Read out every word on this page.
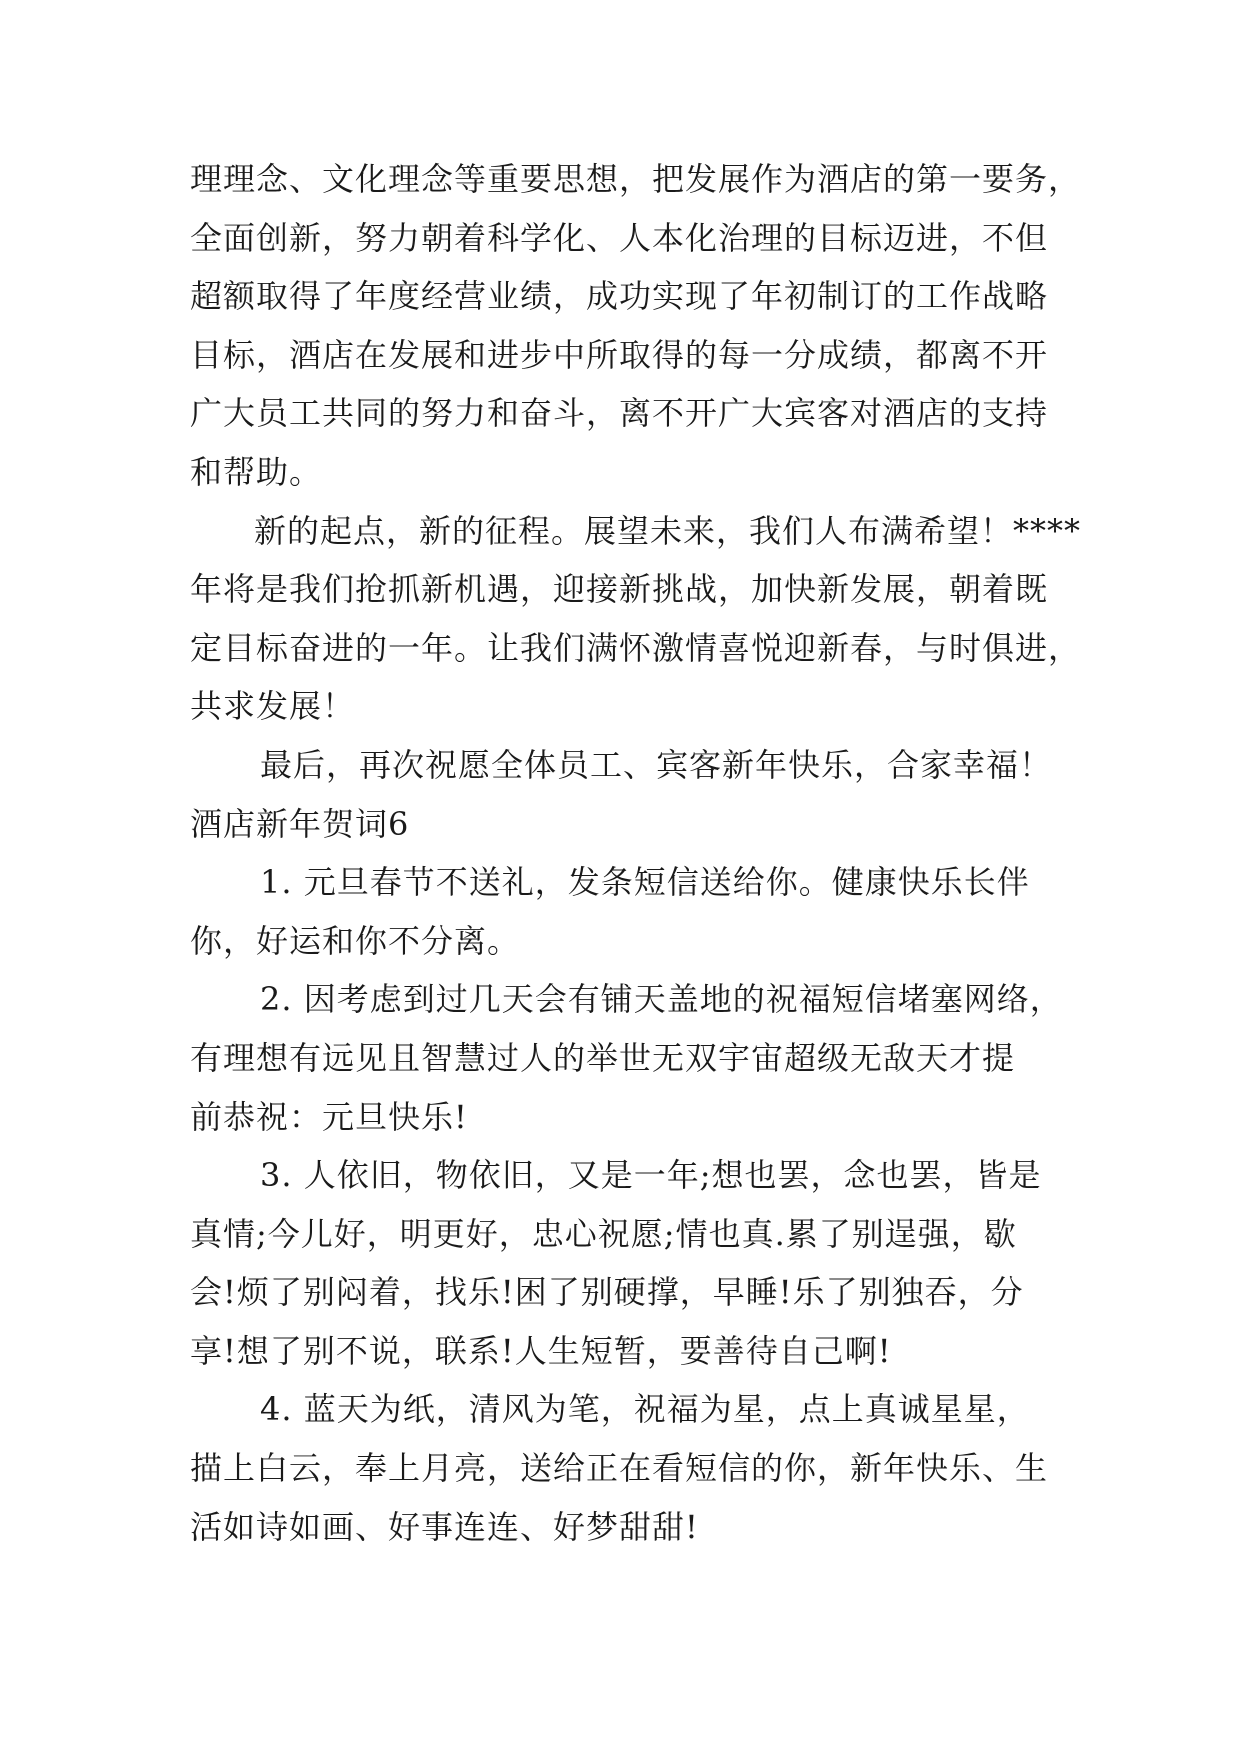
理理念、文化理念等重要思想，把发展作为酒店的第一要务，
全面创新，努力朝着科学化、人本化治理的目标迈进，不但
超额取得了年度经营业绩，成功实现了年初制订的工作战略
目标，酒店在发展和进步中所取得的每一分成绩，都离不开
广大员工共同的努力和奋斗，离不开广大宾客对酒店的支持
和帮助。
新的起点，新的征程。展望未来，我们人布满希望！****
年将是我们抢抓新机遇，迎接新挑战，加快新发展，朝着既
定目标奋进的一年。让我们满怀激情喜悦迎新春，与时俱进，
共求发展！
最后，再次祝愿全体员工、宾客新年快乐，合家幸福！
酒店新年贺词6
1. 元旦春节不送礼，发条短信送给你。健康快乐长伴
你，好运和你不分离。
2. 因考虑到过几天会有铺天盖地的祝福短信堵塞网络，
有理想有远见且智慧过人的举世无双宇宙超级无敌天才提
前恭祝：元旦快乐!
3. 人依旧，物依旧，又是一年;想也罢，念也罢，皆是
真情;今儿好，明更好，忠心祝愿;情也真.累了别逞强，歇
会!烦了别闷着，找乐!困了别硬撑，早睡!乐了别独吞，分
享!想了别不说，联系!人生短暂，要善待自己啊!
4. 蓝天为纸，清风为笔，祝福为星，点上真诚星星，
描上白云，奉上月亮，送给正在看短信的你，新年快乐、生
活如诗如画、好事连连、好梦甜甜!
